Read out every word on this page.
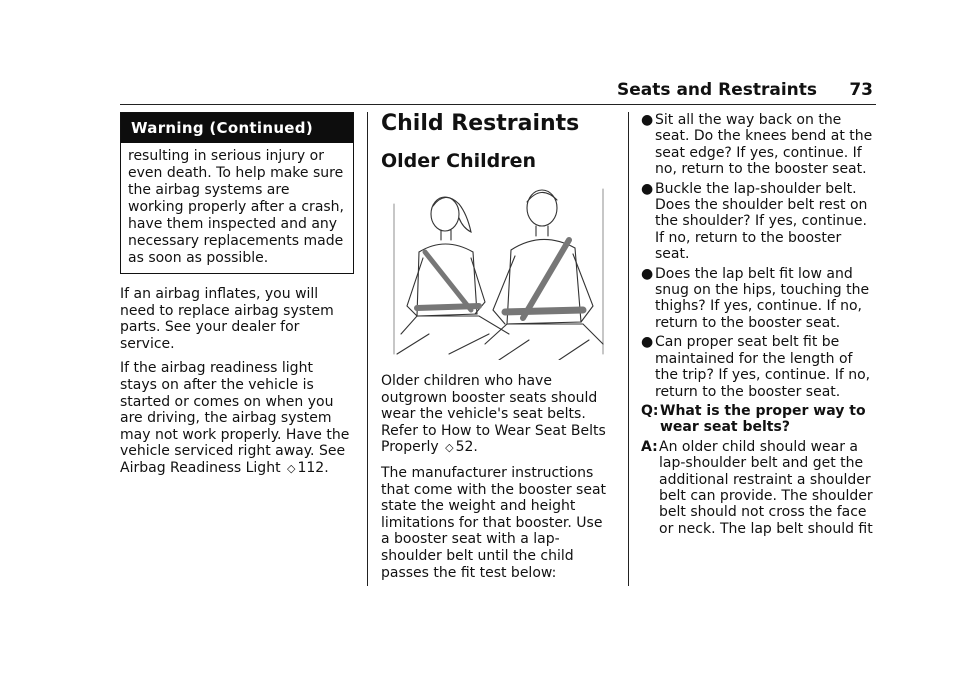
Seats and Restraints 73
Warning (Continued)
resulting in serious injury or even death. To help make sure the airbag systems are working properly after a crash, have them inspected and any necessary replacements made as soon as possible.

If an airbag inflates, you will need to replace airbag system parts. See your dealer for service.

If the airbag readiness light stays on after the vehicle is started or comes on when you are driving, the airbag system may not work properly. Have the vehicle serviced right away. See Airbag Readiness Light ◇ 112.

Child Restraints
Older Children

Older children who have outgrown booster seats should wear the vehicle's seat belts. Refer to How to Wear Seat Belts Properly ◇ 52.

The manufacturer instructions that come with the booster seat state the weight and height limitations for that booster. Use a booster seat with a lap-shoulder belt until the child passes the fit test below:

● Sit all the way back on the seat. Do the knees bend at the seat edge? If yes, continue. If no, return to the booster seat.
● Buckle the lap-shoulder belt. Does the shoulder belt rest on the shoulder? If yes, continue. If no, return to the booster seat.
● Does the lap belt fit low and snug on the hips, touching the thighs? If yes, continue. If no, return to the booster seat.
● Can proper seat belt fit be maintained for the length of the trip? If yes, continue. If no, return to the booster seat.
Q: What is the proper way to wear seat belts?
A: An older child should wear a lap-shoulder belt and get the additional restraint a shoulder belt can provide. The shoulder belt should not cross the face or neck. The lap belt should fit
